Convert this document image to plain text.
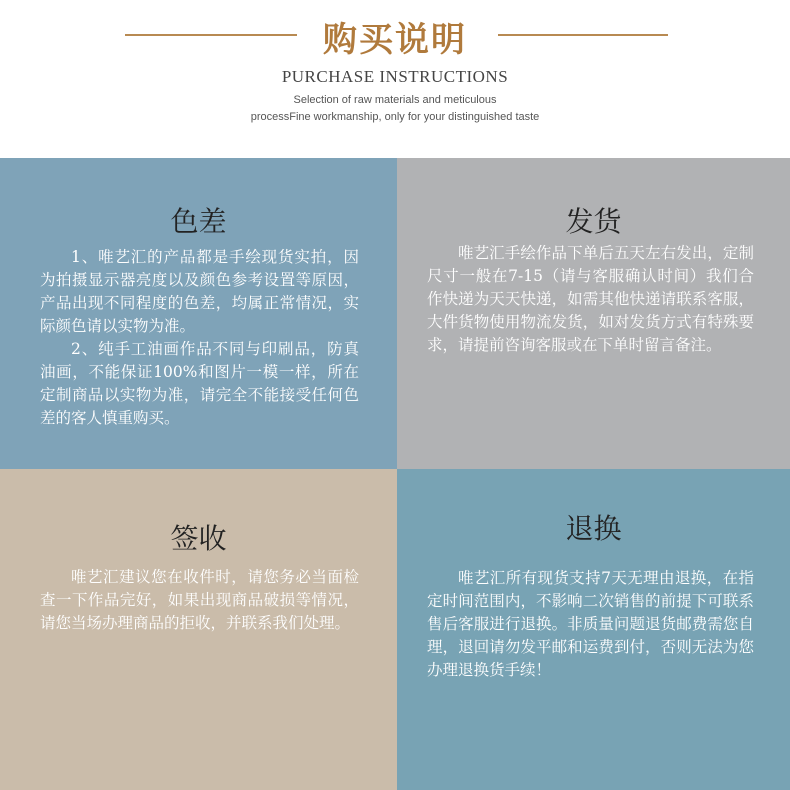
购买说明
PURCHASE INSTRUCTIONS
Selection of raw materials and meticulous
processFine workmanship, only for your distinguished taste
色差

1、唯艺汇的产品都是手绘现货实拍，因为拍摄显示器亮度以及颜色参考设置等原因，产品出现不同程度的色差，均属正常情况，实际颜色请以实物为准。

2、纯手工油画作品不同与印刷品，防真油画，不能保证100%和图片一模一样，所在定制商品以实物为准，请完全不能接受任何色差的客人慎重购买。

发货

唯艺汇手绘作品下单后五天左右发出，定制尺寸一般在7-15（请与客服确认时间）我们合作快递为天天快递，如需其他快递请联系客服，大件货物使用物流发货，如对发货方式有特殊要求，请提前咨询客服或在下单时留言备注。

签收

唯艺汇建议您在收件时，请您务必当面检查一下作品完好，如果出现商品破损等情况，请您当场办理商品的拒收，并联系我们处理。

退换

唯艺汇所有现货支持7天无理由退换，在指定时间范围内，不影响二次销售的前提下可联系售后客服进行退换。非质量问题退货邮费需您自理，退回请勿发平邮和运费到付，否则无法为您办理退换货手续！
